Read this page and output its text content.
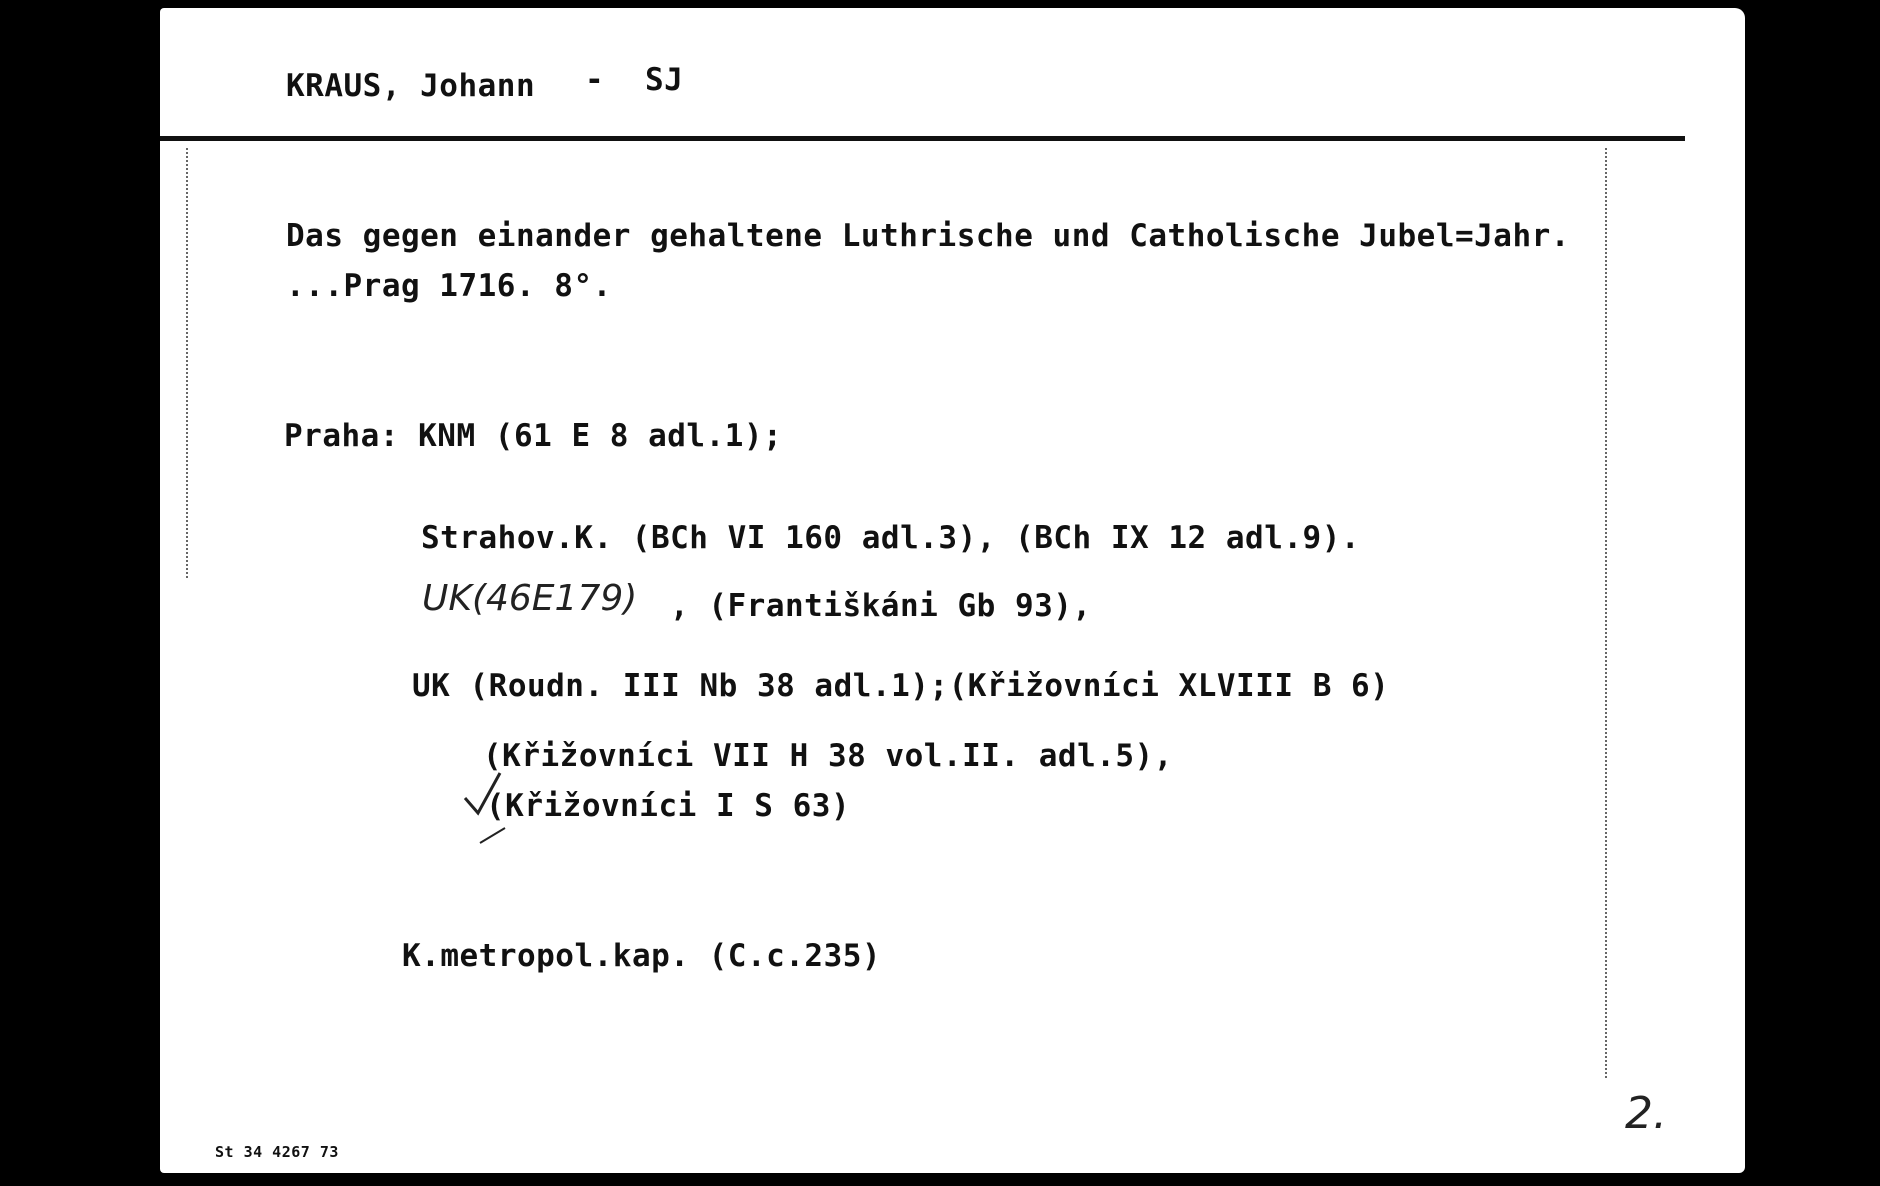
KRAUS, Johann - SJ
Das gegen einander gehaltene Luthrische und Catholische Jubel=Jahr.
...Prag 1716. 8°.
Praha: KNM (61 E 8 adl.1);
Strahov.K. (BCh VI 160 adl.3), (BCh IX 12 adl.9).
UK(46E179) , (Františkáni Gb 93),
UK (Roudn. III Nb 38 adl.1);(Křižovníci XLVIII B 6)
(Křižovníci VII H 38 vol.II. adl.5),
(Křižovníci I S 63)
K.metropol.kap. (C.c.235)
2.
St 34 4267 73
